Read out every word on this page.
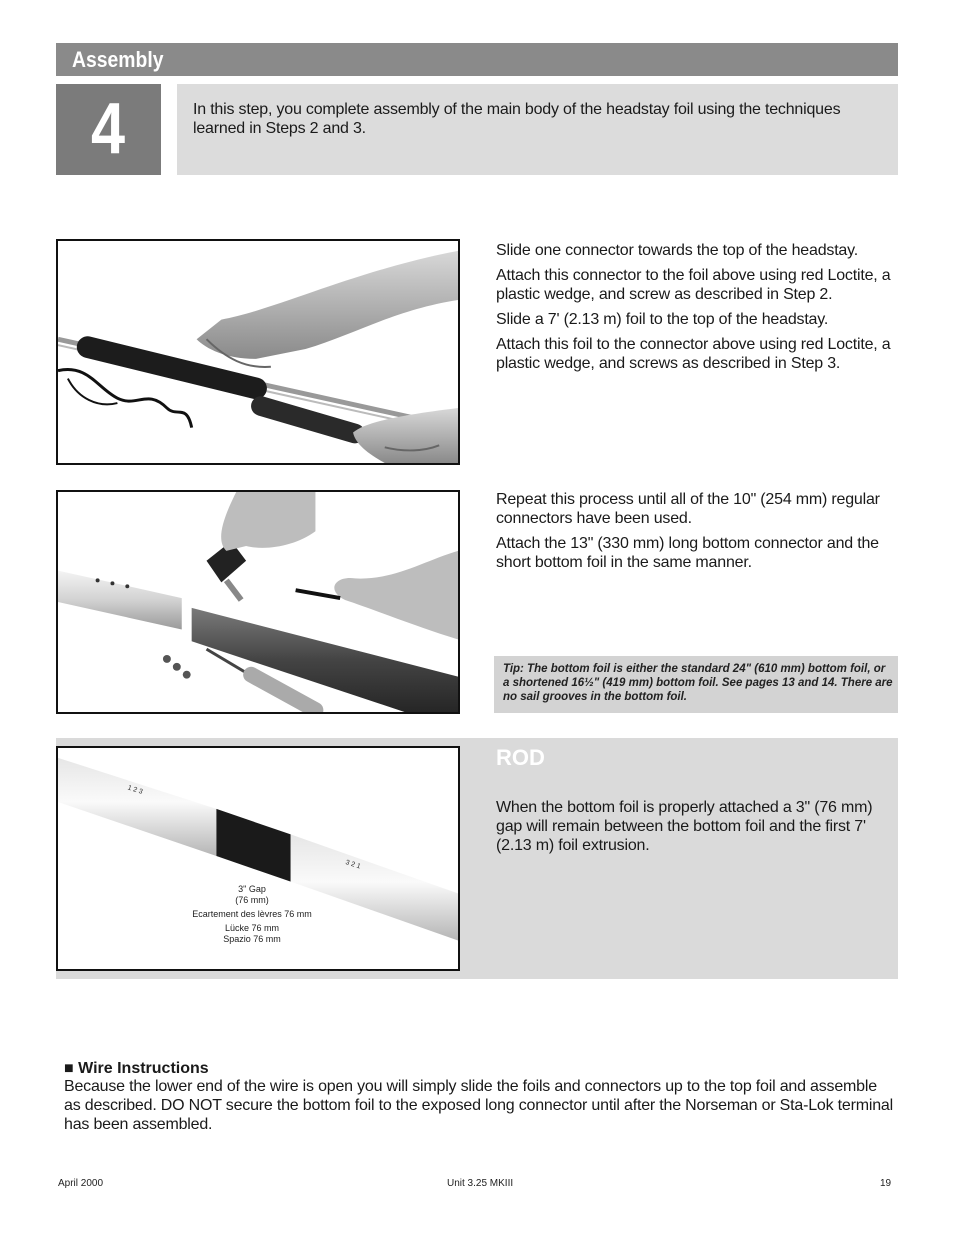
Assembly
4	In this step, you complete assembly of the main body of the headstay foil using the techniques learned in Steps 2 and 3.

Slide one connector towards the top of the headstay.

Attach this connector to the foil above using red Loctite, a plastic wedge, and screw as described in Step 2.

Slide a 7' (2.13 m) foil to the top of the headstay.

Attach this foil to the connector above using red Loctite, a plastic wedge, and screws as described in Step 3.

Repeat this process until all of the 10" (254 mm) regular connectors have been used.

Attach the 13" (330 mm) long bottom connector and the short bottom foil in the same manner.

Tip: The bottom foil is either the standard 24" (610 mm) bottom foil, or a shortened 16½" (419 mm) bottom foil. See pages 13 and 14. There are no sail grooves in the bottom foil.
1 2 3
3 2 1
3" Gap
(76 mm)
Ecartement des lèvres 76 mm
Lücke 76 mm
Spazio 76 mm
ROD
When the bottom foil is properly attached a 3" (76 mm) gap will remain between the bottom foil and the first 7' (2.13 m) foil extrusion.
■ Wire Instructions
Because the lower end of the wire is open you will simply slide the foils and connectors up to the top foil and assemble as described. DO NOT secure the bottom foil to the exposed long connector until after the Norseman or Sta-Lok terminal has been assembled.
April 2000	Unit 3.25 MKIII	19
